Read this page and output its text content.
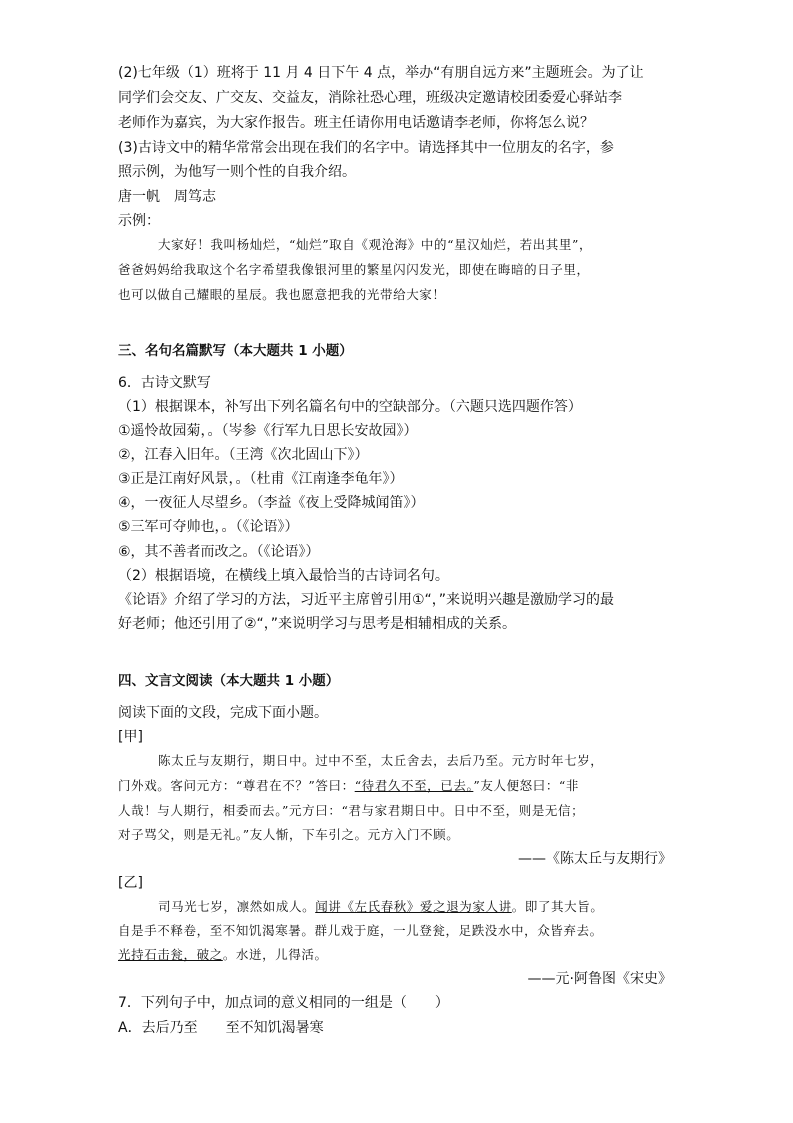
(2)七年级（1）班将于 11 月 4 日下午 4 点，举办“有朋自远方来”主题班会。为了让
同学们会交友、广交友、交益友，消除社恐心理，班级决定邀请校团委爱心驿站李
老师作为嘉宾，为大家作报告。班主任请你用电话邀请李老师，你将怎么说？
(3)古诗文中的精华常常会出现在我们的名字中。请选择其中一位朋友的名字，参
照示例，为他写一则个性的自我介绍。
唐一帆　周笃志
示例：
大家好！我叫杨灿烂，“灿烂”取自《观沧海》中的“星汉灿烂，若出其里”，
爸爸妈妈给我取这个名字希望我像银河里的繁星闪闪发光，即使在晦暗的日子里，
也可以做自己耀眼的星辰。我也愿意把我的光带给大家！
三、名句名篇默写（本大题共 1 小题）
6．古诗文默写
（1）根据课本，补写出下列名篇名句中的空缺部分。（六题只选四题作答）
①遥怜故园菊，。（岑参《行军九日思长安故园》）
②，江春入旧年。（王湾《次北固山下》）
③正是江南好风景，。（杜甫《江南逢李龟年》）
④，一夜征人尽望乡。（李益《夜上受降城闻笛》）
⑤三军可夺帅也，。（《论语》）
⑥，其不善者而改之。（《论语》）
（2）根据语境，在横线上填入最恰当的古诗词名句。
《论语》介绍了学习的方法，习近平主席曾引用①“，”来说明兴趣是激励学习的最
好老师；他还引用了②“，”来说明学习与思考是相辅相成的关系。
四、文言文阅读（本大题共 1 小题）
阅读下面的文段，完成下面小题。
[甲]
陈太丘与友期行，期日中。过中不至，太丘舍去，去后乃至。元方时年七岁，
门外戏。客问元方：“尊君在不？”答曰：“待君久不至，已去。”友人便怒曰：“非
人哉！与人期行，相委而去。”元方曰：“君与家君期日中。日中不至，则是无信；
对子骂父，则是无礼。”友人惭，下车引之。元方入门不顾。
——《陈太丘与友期行》
[乙]
司马光七岁，凛然如成人。闻讲《左氏春秋》爱之退为家人讲。即了其大旨。
自是手不释卷，至不知饥渴寒暑。群儿戏于庭，一儿登瓮，足跌没水中，众皆弃去。
光持石击瓮，破之。水迸，儿得活。
——元·阿鲁图《宋史》
7．下列句子中，加点词的意义相同的一组是（　　）
A．去后乃至　　至不知饥渴暑寒
